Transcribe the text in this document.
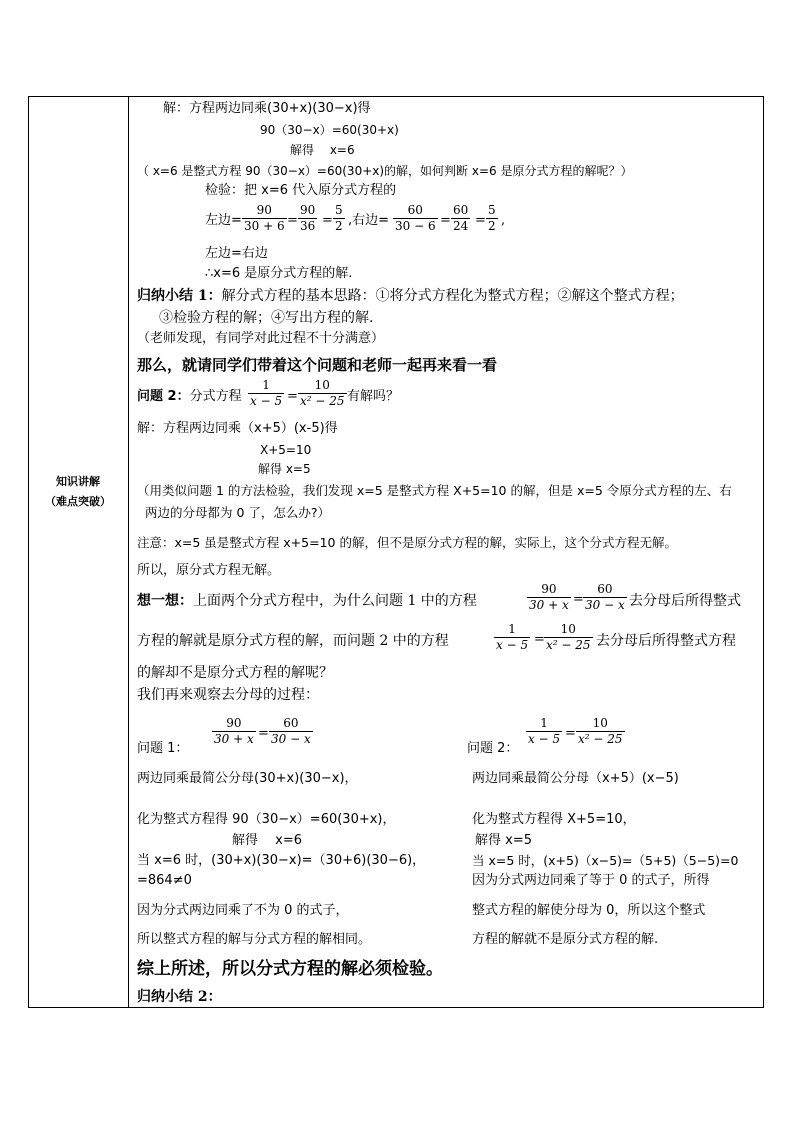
知识讲解
（难点突破）
解：方程两边同乘(30+x)(30−x)得
90（30−x）=60(30+x)
解得　 x=6
（ x=6 是整式方程 90（30−x）=60(30+x)的解，如何判断 x=6 是原分式方程的解呢？）
检验：把 x=6 代入原分式方程的
左边= $\frac{90}{30 + 6} = \frac{90}{36} = \frac{5}{2}$ ,右边= $\frac{60}{30 - 6} = \frac{60}{24} = \frac{5}{2}$ ,
左边=右边
∴x=6 是原分式方程的解.
归纳小结 1：解分式方程的基本思路：①将分式方程化为整式方程；②解这个整式方程；
③检验方程的解；④写出方程的解.
（老师发现，有同学对此过程不十分满意）
那么，就请同学们带着这个问题和老师一起再来看一看
问题 2：分式方程 $\frac{1}{x - 5} = \frac{10}{\text{x² − 25}}$ 有解吗？
解：方程两边同乘（x+5）(x-5)得
X+5=10
解得 x=5
（用类似问题 1 的方法检验，我们发现 x=5 是整式方程 X+5=10 的解，但是 x=5 令原分式方程的左、右
两边的分母都为 0 了，怎么办?）
注意：x=5 虽是整式方程 x+5=10 的解，但不是原分式方程的解，实际上，这个分式方程无解。
所以，原分式方程无解。
想一想：上面两个分式方程中，为什么问题 1 中的方程	$\frac{90}{30 + x} = \frac{60}{30 - x}$ 去分母后所得整式
方程的解就是原分式方程的解，而问题 2 中的方程	$\frac{1}{x - 5} = \frac{10}{\text{x² − 25}}$ 去分母后所得整式方程
的解却不是原分式方程的解呢？
我们再来观察去分母的过程：
问题 1：
$\frac{90}{30 + x} = \frac{60}{30 - x}$
两边同乘最简公分母(30+x)(30−x)，
化为整式方程得 90（30−x）=60(30+x)，
解得　 x=6
当 x=6 时，(30+x)(30−x)=（30+6)(30−6)，
=864≠0
因为分式两边同乘了不为 0 的式子，
所以整式方程的解与分式方程的解相同。
问题 2：
$\frac{1}{x - 5} = \frac{10}{\text{x² − 25}}$
两边同乘最简公分母（x+5）(x−5)
化为整式方程得 X+5=10，
解得 x=5
当 x=5 时，(x+5)（x−5)=（5+5)（5−5)=0
因为分式两边同乘了等于 0 的式子，所得
整式方程的解使分母为 0，所以这个整式
方程的解就不是原分式方程的解.
综上所述，所以分式方程的解必须检验。
归纳小结 2：
